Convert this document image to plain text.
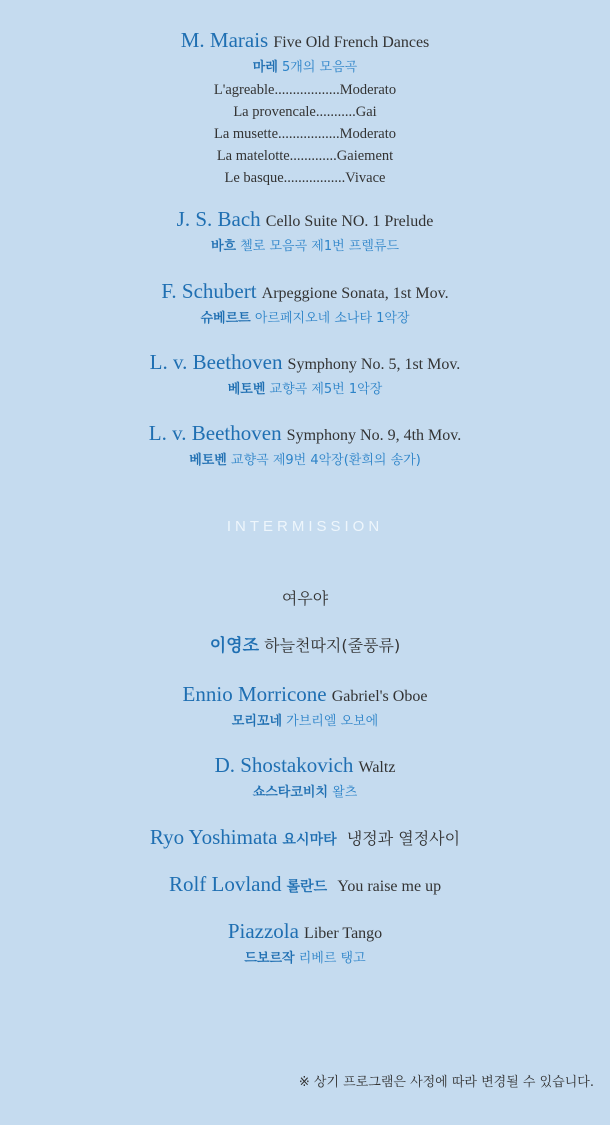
M. Marais Five Old French Dances
마레 5개의 모음곡
L'agreable..................Moderato
La provencale...........Gai
La musette.................Moderato
La matelotte.............Gaiement
Le basque.................Vivace
J. S. Bach Cello Suite NO. 1 Prelude
바흐 첼로 모음곡 제1번 프렐류드
F. Schubert Arpeggione Sonata, 1st Mov.
슈베르트 아르페지오네 소나타 1악장
L. v. Beethoven Symphony No. 5, 1st Mov.
베토벤 교향곡 제5번 1악장
L. v. Beethoven Symphony No. 9, 4th Mov.
베토벤 교향곡 제9번 4악장(환희의 송가)
여우야
이영조 하늘천따지(줄풍류)
Ennio Morricone Gabriel's Oboe
모리꼬네 가브리엘 오보에
D. Shostakovich Waltz
쇼스타코비치 왈츠
Ryo Yoshimata 요시마타 냉정과 열정사이
Rolf Lovland 롤란드 You raise me up
Piazzola Liber Tango
드보르작 리베르 탱고
INTERMISSION
※ 상기 프로그램은 사정에 따라 변경될 수 있습니다.
